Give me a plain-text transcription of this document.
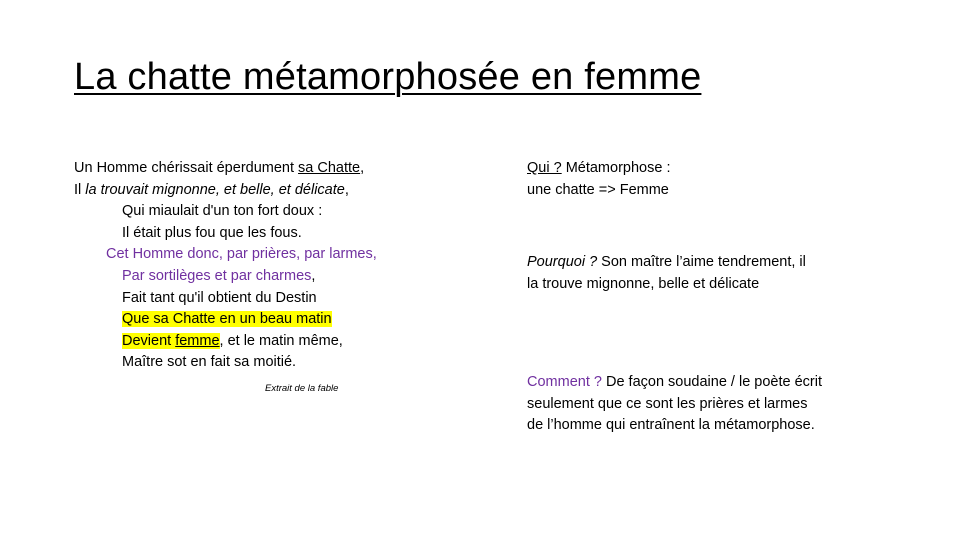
La chatte métamorphosée en femme
Un Homme chérissait éperdument sa Chatte,
Il la trouvait mignonne, et belle, et délicate,
Qui miaulait d'un ton fort doux :
Il était plus fou que les fous.
Cet Homme donc, par prières, par larmes,
Par sortilèges et par charmes,
Fait tant qu'il obtient du Destin
Que sa Chatte en un beau matin
Devient femme, et le matin même,
Maître sot en fait sa moitié.
Extrait de la fable
Qui ? Métamorphose :
une chatte => Femme
Pourquoi ? Son maître l’aime tendrement, il
la trouve mignonne, belle et délicate
Comment ? De façon soudaine / le poète écrit
seulement que ce sont les prières et larmes
de l’homme qui entraînent la métamorphose.
